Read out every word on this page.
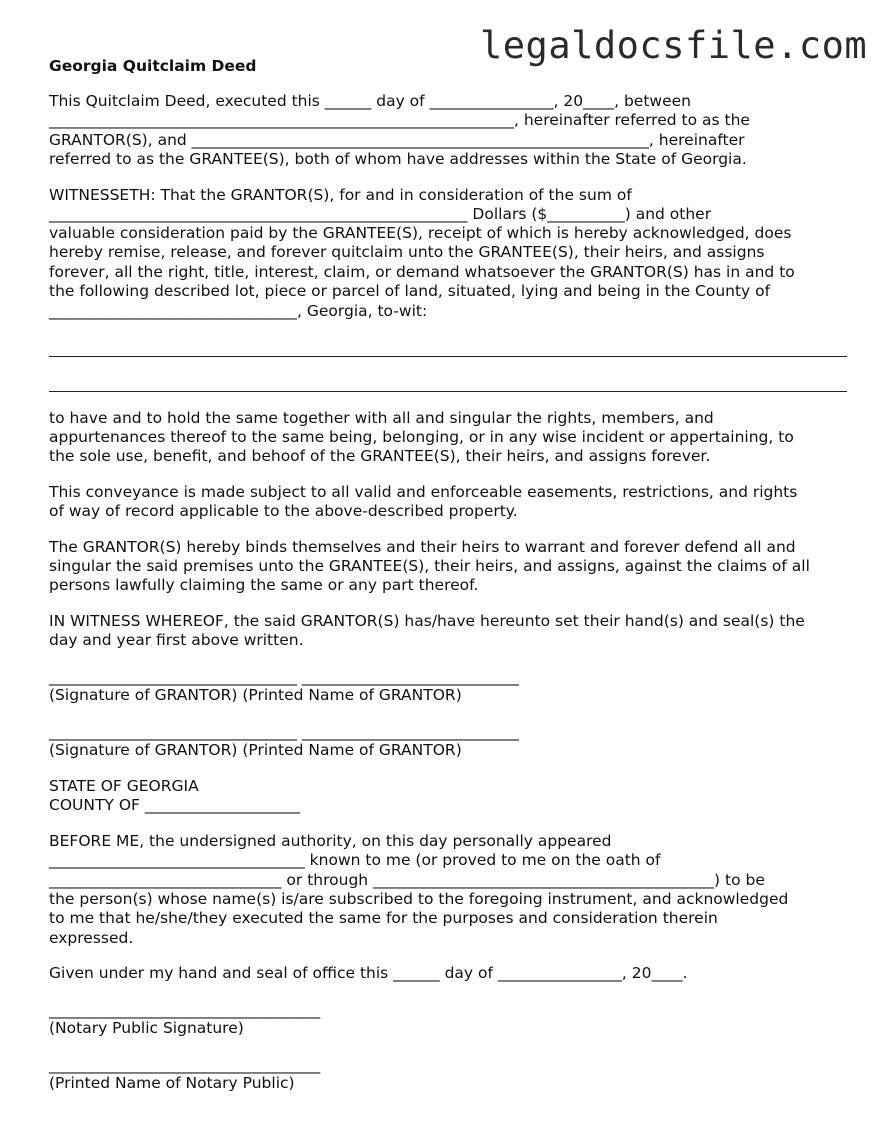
legaldocsfile.com
Georgia Quitclaim Deed
This Quitclaim Deed, executed this ______ day of ________________, 20____, between
____________________________________________________________, hereinafter referred to as the
GRANTOR(S), and ___________________________________________________________, hereinafter
referred to as the GRANTEE(S), both of whom have addresses within the State of Georgia.
WITNESSETH: That the GRANTOR(S), for and in consideration of the sum of
______________________________________________________ Dollars ($__________) and other
valuable consideration paid by the GRANTEE(S), receipt of which is hereby acknowledged, does
hereby remise, release, and forever quitclaim unto the GRANTEE(S), their heirs, and assigns
forever, all the right, title, interest, claim, or demand whatsoever the GRANTOR(S) has in and to
the following described lot, piece or parcel of land, situated, lying and being in the County of
________________________________, Georgia, to-wit:
to have and to hold the same together with all and singular the rights, members, and
appurtenances thereof to the same being, belonging, or in any wise incident or appertaining, to
the sole use, benefit, and behoof of the GRANTEE(S), their heirs, and assigns forever.
This conveyance is made subject to all valid and enforceable easements, restrictions, and rights
of way of record applicable to the above-described property.
The GRANTOR(S) hereby binds themselves and their heirs to warrant and forever defend all and
singular the said premises unto the GRANTEE(S), their heirs, and assigns, against the claims of all
persons lawfully claiming the same or any part thereof.
IN WITNESS WHEREOF, the said GRANTOR(S) has/have hereunto set their hand(s) and seal(s) the
day and year first above written.
________________________________ ____________________________
(Signature of GRANTOR) (Printed Name of GRANTOR)
________________________________ ____________________________
(Signature of GRANTOR) (Printed Name of GRANTOR)
STATE OF GEORGIA
COUNTY OF ____________________
BEFORE ME, the undersigned authority, on this day personally appeared
_________________________________ known to me (or proved to me on the oath of
______________________________ or through ____________________________________________) to be
the person(s) whose name(s) is/are subscribed to the foregoing instrument, and acknowledged
to me that he/she/they executed the same for the purposes and consideration therein
expressed.
Given under my hand and seal of office this ______ day of ________________, 20____.
___________________________________
(Notary Public Signature)
___________________________________
(Printed Name of Notary Public)
